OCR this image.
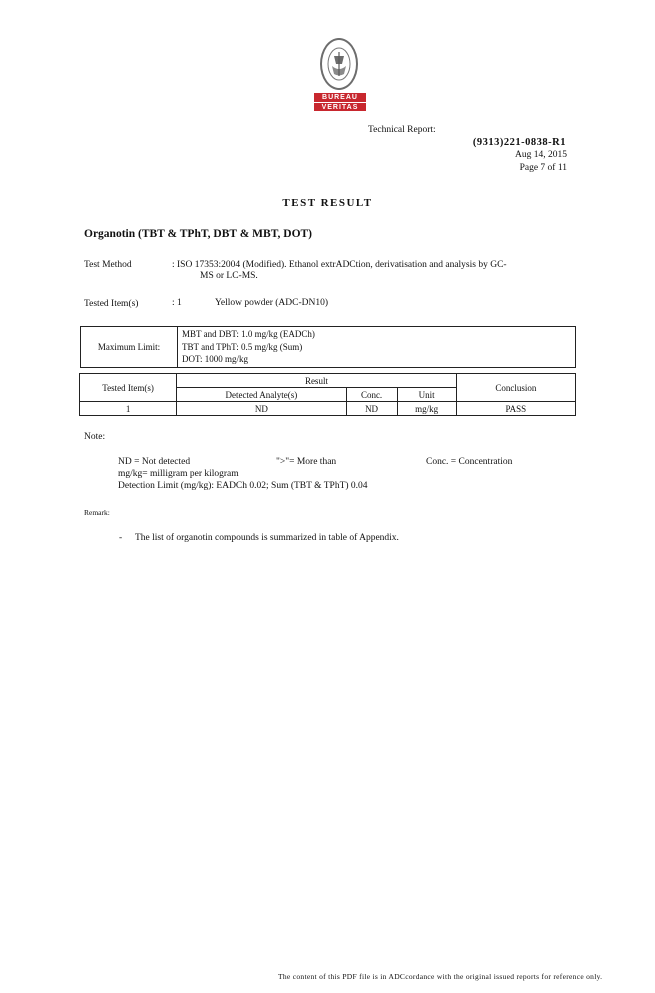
BUREAU
VERITAS
Technical Report:
(9313)221-0838-R1
Aug 14, 2015
Page 7 of 11
TEST RESULT
Organotin (TBT & TPhT, DBT & MBT, DOT)
Test Method	: ISO 17353:2004 (Modified). Ethanol extrADCtion, derivatisation and analysis by GC-
MS or LC-MS.
Tested Item(s)	: 1	Yellow powder (ADC-DN10)
Maximum Limit:	
MBT and DBT: 1.0 mg/kg (EADCh)
TBT and TPhT: 0.5 mg/kg (Sum)
DOT: 1000 mg/kg
Tested Item(s)	Result			Conclusion
	Detected Analyte(s)	Conc.	Unit	
1	ND	ND	mg/kg	PASS
Note:
ND = Not detected	">"= More than	Conc. = Concentration
mg/kg= milligram per kilogram
Detection Limit (mg/kg): EADCh 0.02; Sum (TBT & TPhT) 0.04
Remark:
- The list of organotin compounds is summarized in table of Appendix.
The content of this PDF file is in ADCcordance with the original issued reports for reference only.
